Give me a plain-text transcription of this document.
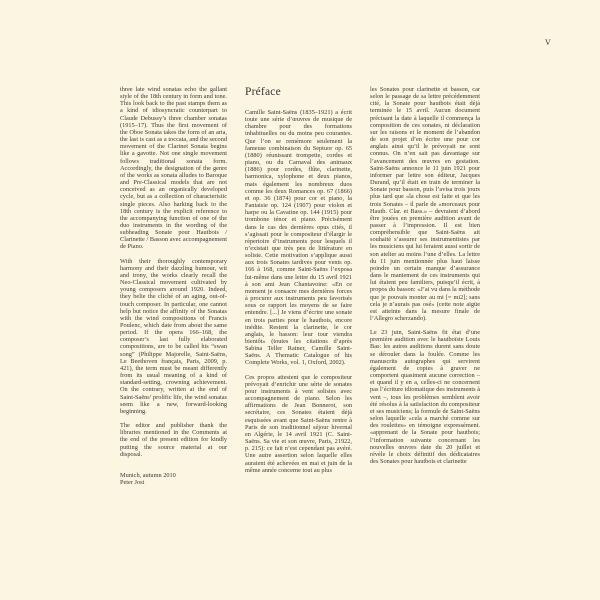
V

three late wind sonatas echo the gallant style of the 18th century in form and tone. This look back to the past stamps them as a kind of idiosyncratic counterpart to Claude Debussy’s three chamber sonatas (1915–17). Thus the first movement of the Oboe Sonata takes the form of an aria, the last is cast as a toccata, and the second movement of the Clarinet Sonata begins like a gavotte. Not one single movement follows traditional sonata form. Accordingly, the designation of the genre of the works as sonata alludes to Baroque and Pre-Classical models that are not conceived as an organically developed cycle, but as a collection of characteristic single pieces. Also harking back to the 18th century is the explicit reference to the accompanying function of one of the duo instruments in the wording of the subheading Sonate pour Hautbois / Clarinette / Basson avec accompagnement de Piano.

With their thoroughly contemporary harmony and their dazzling humour, wit and irony, the works clearly recall the Neo-Classical movement cultivated by young composers around 1920. Indeed, they belie the cliché of an aging, out-of-touch composer. In particular, one cannot help but notice the affinity of the Sonatas with the wind compositions of Francis Poulenc, which date from about the same period. If the opera 166–168, the composer’s last fully elaborated compositions, are to be called his “swan song” (Philippe Majorelle, Saint-Saëns, Le Beethoven français, Paris, 2009, p. 421), the term must be meant differently from its usual meaning of a kind of standard-setting, crowning achievement. On the contrary, written at the end of Saint-Saëns’ prolific life, the wind sonatas seem like a new, forward-looking beginning.

The editor and publisher thank the libraries mentioned in the Comments at the end of the present edition for kindly putting the source material at our disposal.

Munich, autumn 2010

Peter Jost

Préface

Camille Saint-Saëns (1835–1921) a écrit toute une série d’œuvres de musique de chambre pour des formations inhabituelles ou du moins peu courantes. Que l’on se remémore seulement la fameuse combinaison du Septuor op. 65 (1880) réunissant trompette, cordes et piano, ou du Carnaval des animaux (1886) pour cordes, flûte, clarinette, harmonica, xylophone et deux pianos, mais également les nombreux duos comme les deux Romances op. 67 (1866) et op. 36 (1874) pour cor et piano, la Fantaisie op. 124 (1907) pour violon et harpe ou la Cavatine op. 144 (1915) pour trombone ténor et piano. Précisément dans le cas des dernières opus cités, il s’agissait pour le compositeur d’élargir le répertoire d’instruments pour lesquels il n’existait que très peu de littérature en soliste. Cette motivation s’applique aussi aux trois Sonates tardives pour vents op. 166 à 168, comme Saint-Saëns l’exposa lui-même dans une lettre du 15 avril 1921 à son ami Jean Chantavoine: «En ce moment je consacre mes dernières forces à procurer aux instruments peu favorisés sous ce rapport les moyens de se faire entendre. [...] Je viens d’écrire une sonate en trois parties pour le hautbois, encore inédite. Restent la clarinette, le cor anglais, le basson: leur tour viendra bientôt» (toutes les citations d’après Sabina Teller Ratner, Camille Saint-Saëns. A Thematic Catalogue of his Complete Works, vol. 1, Oxford, 2002).

Ces propos attestent que le compositeur prévoyait d’enrichir une série de sonates pour instruments à vent solistes avec accompagnement de piano. Selon les affirmations de Jean Bonnerot, son secrétaire, ces Sonates étaient déjà esquissées avant que Saint-Saëns rentre à Paris de son traditionnel séjour hivernal en Algérie, le 14 avril 1921 (C. Saint-Saëns. Sa vie et son œuvre, Paris, 21922, p. 215): ce fait n’est cependant pas avéré. Une autre assertion selon laquelle elles auraient été achevées en mai et juin de la même année concerne tout au plus

les Sonates pour clarinette et basson, car selon le passage de sa lettre précédemment cité, la Sonate pour hautbois était déjà terminée le 15 avril. Aucun document précisant la date à laquelle il commença la composition de ces sonates, ni déclaration sur les raisons et le moment de l’abandon de son projet d’en écrire une pour cor anglais ainsi qu’il le prévoyait ne sont connus. On n’en sait pas davantage sur l’avancement des œuvres en gestation. Saint-Saëns annonce le 11 juin 1921 pour informer par lettre son éditeur, Jacques Durand, qu’il était en train de terminer la Sonate pour basson, puis l’avisa trois jours plus tard que «la chose est faite et que les trois Sonates – il parle de «morceaux pour Hautb. Clar. et Bass.» – devraient d’abord être jouées en première audition avant de passer à l’impression. Il est bien compréhensible que Saint-Saëns ait souhaité s’assurer ses instrumentistes par les musiciens qui lui feraient aussi sortir de son atelier au moins l’une d’elles. La lettre du 11 juin mentionnée plus haut laisse poindre un certain manque d’assurance dans le maniement de ces instruments qui lui étaient peu familiers, puisqu’il écrit, à propos du basson: «J’ai vu dans la méthode que je pouvais monter au mi [= mi2]; sans cela je n’aurais pas osé» (cette note aigüe est atteinte dans la mesure finale de l’Allegro scherzando).

Le 23 juin, Saint-Saëns fit état d’une première audition avec le hautboïste Louis Bas: les autres auditions durent sans doute se dérouler dans la foulée. Comme les manuscrits autographes qui servirent également de copies à graver ne comportent quasiment aucune correction – et quand il y en a, celles-ci ne concernent pas l’écriture idiomatique des instruments à vent –, tous les problèmes semblent avoir été résolus à la satisfaction du compositeur et ses musiciens; la formule de Saint-Saëns selon laquelle «cela a marché comme sur des roulettes» en témoigne expressément. «apprenant de la Sonate pour hautbois; l’information suivante concernant les nouvelles œuvres date du 20 juillet et révèle le choix définitif des dédicataires des Sonates pour hautbois et clarinette
